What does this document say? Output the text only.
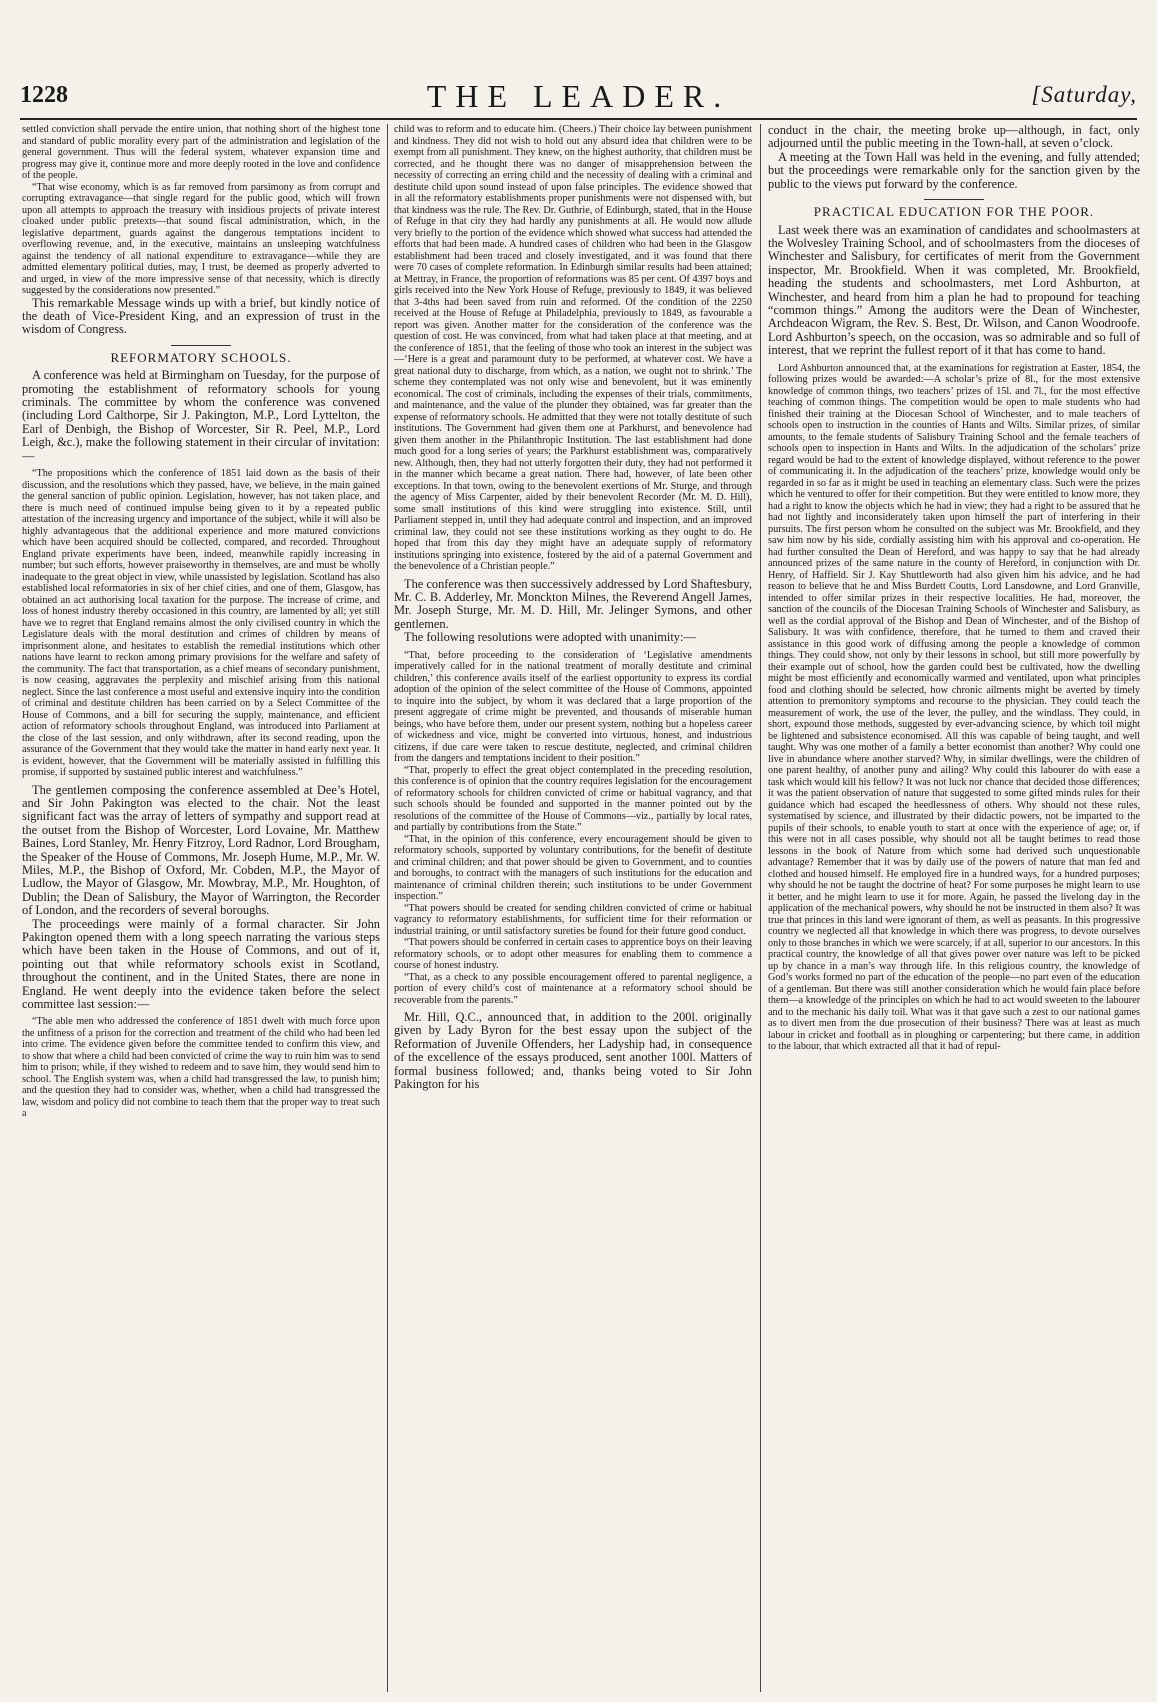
1228	THE LEADER.	[Saturday,

settled conviction shall pervade the entire union, that nothing short of the highest tone and standard of public morality every part of the administration and legislation of the general government. Thus will the federal system, whatever expansion time and progress may give it, continue more and more deeply rooted in the love and confidence of the people.

“That wise economy, which is as far removed from parsimony as from corrupt and corrupting extravagance—that single regard for the public good, which will frown upon all attempts to approach the treasury with insidious projects of private interest cloaked under public pretexts—that sound fiscal administration, which, in the legislative department, guards against the dangerous temptations incident to overflowing revenue, and, in the executive, maintains an unsleeping watchfulness against the tendency of all national expenditure to extravagance—while they are admitted elementary political duties, may, I trust, be deemed as properly adverted to and urged, in view of the more impressive sense of that necessity, which is directly suggested by the considerations now presented.”

This remarkable Message winds up with a brief, but kindly notice of the death of Vice-President King, and an expression of trust in the wisdom of Congress.

REFORMATORY SCHOOLS.

A conference was held at Birmingham on Tuesday, for the purpose of promoting the establishment of reformatory schools for young criminals. The committee by whom the conference was convened (including Lord Calthorpe, Sir J. Pakington, M.P., Lord Lyttelton, the Earl of Denbigh, the Bishop of Worcester, Sir R. Peel, M.P., Lord Leigh, &c.), make the following statement in their circular of invitation:—

“The propositions which the conference of 1851 laid down as the basis of their discussion, and the resolutions which they passed, have, we believe, in the main gained the general sanction of public opinion. Legislation, however, has not taken place, and there is much need of continued impulse being given to it by a repeated public attestation of the increasing urgency and importance of the subject, while it will also be highly advantageous that the additional experience and more matured convictions which have been acquired should be collected, compared, and recorded. Throughout England private experiments have been, indeed, meanwhile rapidly increasing in number; but such efforts, however praiseworthy in themselves, are and must be wholly inadequate to the great object in view, while unassisted by legislation. Scotland has also established local reformatories in six of her chief cities, and one of them, Glasgow, has obtained an act authorising local taxation for the purpose. The increase of crime, and loss of honest industry thereby occasioned in this country, are lamented by all; yet still have we to regret that England remains almost the only civilised country in which the Legislature deals with the moral destitution and crimes of children by means of imprisonment alone, and hesitates to establish the remedial institutions which other nations have learnt to reckon among primary provisions for the welfare and safety of the community. The fact that transportation, as a chief means of secondary punishment, is now ceasing, aggravates the perplexity and mischief arising from this national neglect. Since the last conference a most useful and extensive inquiry into the condition of criminal and destitute children has been carried on by a Select Committee of the House of Commons, and a bill for securing the supply, maintenance, and efficient action of reformatory schools throughout England, was introduced into Parliament at the close of the last session, and only withdrawn, after its second reading, upon the assurance of the Government that they would take the matter in hand early next year. It is evident, however, that the Government will be materially assisted in fulfilling this promise, if supported by sustained public interest and watchfulness.”

The gentlemen composing the conference assembled at Dee’s Hotel, and Sir John Pakington was elected to the chair. Not the least significant fact was the array of letters of sympathy and support read at the outset from the Bishop of Worcester, Lord Lovaine, Mr. Matthew Baines, Lord Stanley, Mr. Henry Fitzroy, Lord Radnor, Lord Brougham, the Speaker of the House of Commons, Mr. Joseph Hume, M.P., Mr. W. Miles, M.P., the Bishop of Oxford, Mr. Cobden, M.P., the Mayor of Ludlow, the Mayor of Glasgow, Mr. Mowbray, M.P., Mr. Houghton, of Dublin; the Dean of Salisbury, the Mayor of Warrington, the Recorder of London, and the recorders of several boroughs.

The proceedings were mainly of a formal character. Sir John Pakington opened them with a long speech narrating the various steps which have been taken in the House of Commons, and out of it, pointing out that while reformatory schools exist in Scotland, throughout the continent, and in the United States, there are none in England. He went deeply into the evidence taken before the select committee last session:—

“The able men who addressed the conference of 1851 dwelt with much force upon the unfitness of a prison for the correction and treatment of the child who had been led into crime. The evidence given before the committee tended to confirm this view, and to show that where a child had been convicted of crime the way to ruin him was to send him to prison; while, if they wished to redeem and to save him, they would send him to school. The English system was, when a child had transgressed the law, to punish him; and the question they had to consider was, whether, when a child had transgressed the law, wisdom and policy did not combine to teach them that the proper way to treat such a

child was to reform and to educate him. (Cheers.) Their choice lay between punishment and kindness. They did not wish to hold out any absurd idea that children were to be exempt from all punishment. They knew, on the highest authority, that children must be corrected, and he thought there was no danger of misapprehension between the necessity of correcting an erring child and the necessity of dealing with a criminal and destitute child upon sound instead of upon false principles. The evidence showed that in all the reformatory establishments proper punishments were not dispensed with, but that kindness was the rule. The Rev. Dr. Guthrie, of Edinburgh, stated, that in the House of Refuge in that city they had hardly any punishments at all. He would now allude very briefly to the portion of the evidence which showed what success had attended the efforts that had been made. A hundred cases of children who had been in the Glasgow establishment had been traced and closely investigated, and it was found that there were 70 cases of complete reformation. In Edinburgh similar results had been attained; at Mettray, in France, the proportion of reformations was 85 per cent. Of 4397 boys and girls received into the New York House of Refuge, previously to 1849, it was believed that 3-4ths had been saved from ruin and reformed. Of the condition of the 2250 received at the House of Refuge at Philadelphia, previously to 1849, as favourable a report was given. Another matter for the consideration of the conference was the question of cost. He was convinced, from what had taken place at that meeting, and at the conference of 1851, that the feeling of those who took an interest in the subject was—‘Here is a great and paramount duty to be performed, at whatever cost. We have a great national duty to discharge, from which, as a nation, we ought not to shrink.’ The scheme they contemplated was not only wise and benevolent, but it was eminently economical. The cost of criminals, including the expenses of their trials, commitments, and maintenance, and the value of the plunder they obtained, was far greater than the expense of reformatory schools. He admitted that they were not totally destitute of such institutions. The Government had given them one at Parkhurst, and benevolence had given them another in the Philanthropic Institution. The last establishment had done much good for a long series of years; the Parkhurst establishment was, comparatively new. Although, then, they had not utterly forgotten their duty, they had not performed it in the manner which became a great nation. There had, however, of late been other exceptions. In that town, owing to the benevolent exertions of Mr. Sturge, and through the agency of Miss Carpenter, aided by their benevolent Recorder (Mr. M. D. Hill), some small institutions of this kind were struggling into existence. Still, until Parliament stepped in, until they had adequate control and inspection, and an improved criminal law, they could not see these institutions working as they ought to do. He hoped that from this day they might have an adequate supply of reformatory institutions springing into existence, fostered by the aid of a paternal Government and the benevolence of a Christian people.”

The conference was then successively addressed by Lord Shaftesbury, Mr. C. B. Adderley, Mr. Monckton Milnes, the Reverend Angell James, Mr. Joseph Sturge, Mr. M. D. Hill, Mr. Jelinger Symons, and other gentlemen.

The following resolutions were adopted with unanimity:—

“That, before proceeding to the consideration of ‘Legislative amendments imperatively called for in the national treatment of morally destitute and criminal children,’ this conference avails itself of the earliest opportunity to express its cordial adoption of the opinion of the select committee of the House of Commons, appointed to inquire into the subject, by whom it was declared that a large proportion of the present aggregate of crime might be prevented, and thousands of miserable human beings, who have before them, under our present system, nothing but a hopeless career of wickedness and vice, might be converted into virtuous, honest, and industrious citizens, if due care were taken to rescue destitute, neglected, and criminal children from the dangers and temptations incident to their position.”

“That, properly to effect the great object contemplated in the preceding resolution, this conference is of opinion that the country requires legislation for the encouragement of reformatory schools for children convicted of crime or habitual vagrancy, and that such schools should be founded and supported in the manner pointed out by the resolutions of the committee of the House of Commons—viz., partially by local rates, and partially by contributions from the State.”

“That, in the opinion of this conference, every encouragement should be given to reformatory schools, supported by voluntary contributions, for the benefit of destitute and criminal children; and that power should be given to Government, and to counties and boroughs, to contract with the managers of such institutions for the education and maintenance of criminal children therein; such institutions to be under Government inspection.”

“That powers should be created for sending children convicted of crime or habitual vagrancy to reformatory establishments, for sufficient time for their reformation or industrial training, or until satisfactory sureties be found for their future good conduct.

“That powers should be conferred in certain cases to apprentice boys on their leaving reformatory schools, or to adopt other measures for enabling them to commence a course of honest industry.

“That, as a check to any possible encouragement offered to parental negligence, a portion of every child’s cost of maintenance at a reformatory school should be recoverable from the parents.”

Mr. Hill, Q.C., announced that, in addition to the 200l. originally given by Lady Byron for the best essay upon the subject of the Reformation of Juvenile Offenders, her Ladyship had, in consequence of the excellence of the essays produced, sent another 100l. Matters of formal business followed; and, thanks being voted to Sir John Pakington for his

conduct in the chair, the meeting broke up—although, in fact, only adjourned until the public meeting in the Town-hall, at seven o’clock.

A meeting at the Town Hall was held in the evening, and fully attended; but the proceedings were remarkable only for the sanction given by the public to the views put forward by the conference.

PRACTICAL EDUCATION FOR THE POOR.

Last week there was an examination of candidates and schoolmasters at the Wolvesley Training School, and of schoolmasters from the dioceses of Winchester and Salisbury, for certificates of merit from the Government inspector, Mr. Brookfield. When it was completed, Mr. Brookfield, heading the students and schoolmasters, met Lord Ashburton, at Winchester, and heard from him a plan he had to propound for teaching “common things.” Among the auditors were the Dean of Winchester, Archdeacon Wigram, the Rev. S. Best, Dr. Wilson, and Canon Woodroofe. Lord Ashburton’s speech, on the occasion, was so admirable and so full of interest, that we reprint the fullest report of it that has come to hand.

Lord Ashburton announced that, at the examinations for registration at Easter, 1854, the following prizes would be awarded:—A scholar’s prize of 8l., for the most extensive knowledge of common things, two teachers’ prizes of 15l. and 7l., for the most effective teaching of common things. The competition would be open to male students who had finished their training at the Diocesan School of Winchester, and to male teachers of schools open to instruction in the counties of Hants and Wilts. Similar prizes, of similar amounts, to the female students of Salisbury Training School and the female teachers of schools open to inspection in Hants and Wilts. In the adjudication of the scholars’ prize regard would be had to the extent of knowledge displayed, without reference to the power of communicating it. In the adjudication of the teachers’ prize, knowledge would only be regarded in so far as it might be used in teaching an elementary class. Such were the prizes which he ventured to offer for their competition. But they were entitled to know more, they had a right to know the objects which he had in view; they had a right to be assured that he had not lightly and inconsiderately taken upon himself the part of interfering in their pursuits. The first person whom he consulted on the subject was Mr. Brookfield, and they saw him now by his side, cordially assisting him with his approval and co-operation. He had further consulted the Dean of Hereford, and was happy to say that he had already announced prizes of the same nature in the county of Hereford, in conjunction with Dr. Henry, of Haffield. Sir J. Kay Shuttleworth had also given him his advice, and he had reason to believe that he and Miss Burdett Coutts, Lord Lansdowne, and Lord Granville, intended to offer similar prizes in their respective localities. He had, moreover, the sanction of the councils of the Diocesan Training Schools of Winchester and Salisbury, as well as the cordial approval of the Bishop and Dean of Winchester, and of the Bishop of Salisbury. It was with confidence, therefore, that he turned to them and craved their assistance in this good work of diffusing among the people a knowledge of common things. They could show, not only by their lessons in school, but still more powerfully by their example out of school, how the garden could best be cultivated, how the dwelling might be most efficiently and economically warmed and ventilated, upon what principles food and clothing should be selected, how chronic ailments might be averted by timely attention to premonitory symptoms and recourse to the physician. They could teach the measurement of work, the use of the lever, the pulley, and the windlass. They could, in short, expound those methods, suggested by ever-advancing science, by which toil might be lightened and subsistence economised. All this was capable of being taught, and well taught. Why was one mother of a family a better economist than another? Why could one live in abundance where another starved? Why, in similar dwellings, were the children of one parent healthy, of another puny and ailing? Why could this labourer do with ease a task which would kill his fellow? It was not luck nor chance that decided those differences; it was the patient observation of nature that suggested to some gifted minds rules for their guidance which had escaped the heedlessness of others. Why should not these rules, systematised by science, and illustrated by their didactic powers, not be imparted to the pupils of their schools, to enable youth to start at once with the experience of age; or, if this were not in all cases possible, why should not all be taught betimes to read those lessons in the book of Nature from which some had derived such unquestionable advantage? Remember that it was by daily use of the powers of nature that man fed and clothed and housed himself. He employed fire in a hundred ways, for a hundred purposes; why should he not be taught the doctrine of heat? For some purposes he might learn to use it better, and he might learn to use it for more. Again, he passed the livelong day in the application of the mechanical powers, why should he not be instructed in them also? It was true that princes in this land were ignorant of them, as well as peasants. In this progressive country we neglected all that knowledge in which there was progress, to devote ourselves only to those branches in which we were scarcely, if at all, superior to our ancestors. In this practical country, the knowledge of all that gives power over nature was left to be picked up by chance in a man’s way through life. In this religious country, the knowledge of God’s works formed no part of the education of the people—no part even of the education of a gentleman. But there was still another consideration which he would fain place before them—a knowledge of the principles on which he had to act would sweeten to the labourer and to the mechanic his daily toil. What was it that gave such a zest to our national games as to divert men from the due prosecution of their business? There was at least as much labour in cricket and football as in ploughing or carpentering; but there came, in addition to the labour, that which extracted all that it had of repul-
